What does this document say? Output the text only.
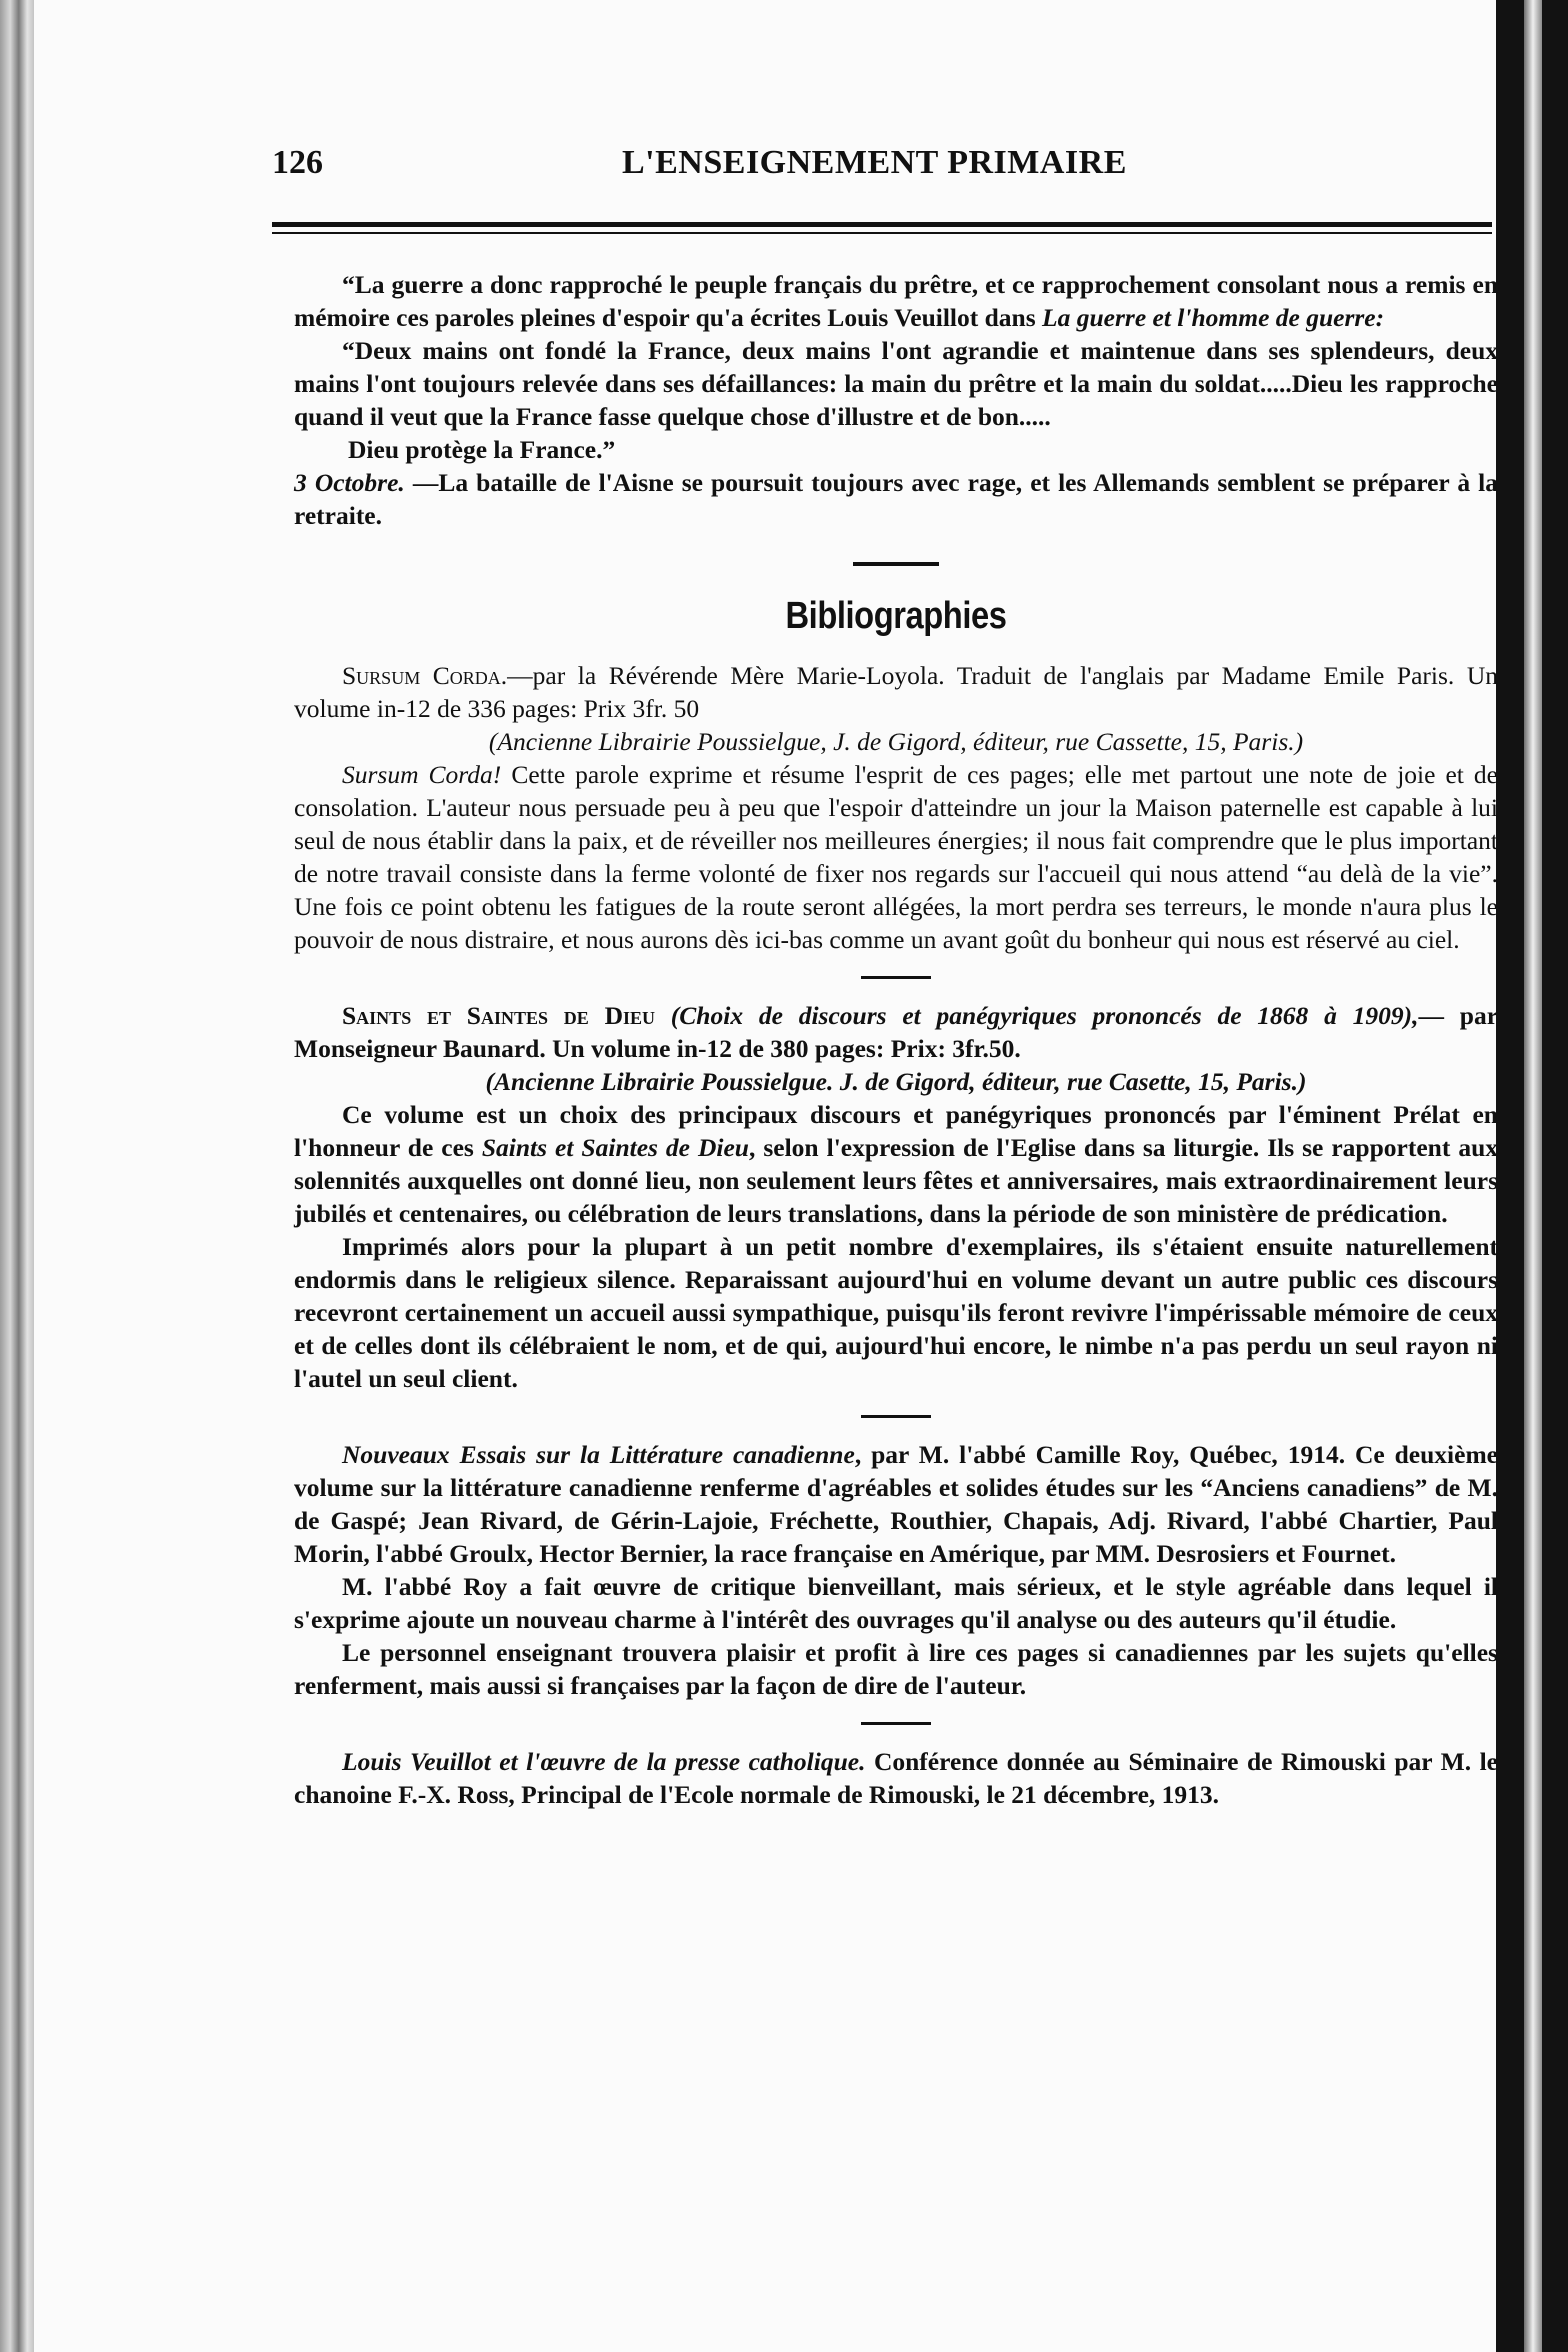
126	L'ENSEIGNEMENT PRIMAIRE

“La guerre a donc rapproché le peuple français du prêtre, et ce rapprochement consolant nous a remis en mémoire ces paroles pleines d'espoir qu'a écrites Louis Veuillot dans La guerre et l'homme de guerre:

“Deux mains ont fondé la France, deux mains l'ont agrandie et maintenue dans ses splendeurs, deux mains l'ont toujours relevée dans ses défaillances: la main du prêtre et la main du soldat.....Dieu les rapproche quand il veut que la France fasse quelque chose d'illustre et de bon.....

Dieu protège la France.”

3 Octobre. —La bataille de l'Aisne se poursuit toujours avec rage, et les Allemands semblent se préparer à la retraite.

Bibliographies

Sursum Corda.—par la Révérende Mère Marie-Loyola. Traduit de l'anglais par Madame Emile Paris. Un volume in-12 de 336 pages: Prix 3fr. 50

(Ancienne Librairie Poussielgue, J. de Gigord, éditeur, rue Cassette, 15, Paris.)

Sursum Corda! Cette parole exprime et résume l'esprit de ces pages; elle met partout une note de joie et de consolation. L'auteur nous persuade peu à peu que l'espoir d'atteindre un jour la Maison paternelle est capable à lui seul de nous établir dans la paix, et de réveiller nos meilleures énergies; il nous fait comprendre que le plus important de notre travail consiste dans la ferme volonté de fixer nos regards sur l'accueil qui nous attend “au delà de la vie”. Une fois ce point obtenu les fatigues de la route seront allégées, la mort perdra ses terreurs, le monde n'aura plus le pouvoir de nous distraire, et nous aurons dès ici-bas comme un avant goût du bonheur qui nous est réservé au ciel.

Saints et Saintes de Dieu (Choix de discours et panégyriques prononcés de 1868 à 1909),— par Monseigneur Baunard. Un volume in-12 de 380 pages: Prix: 3fr.50.

(Ancienne Librairie Poussielgue. J. de Gigord, éditeur, rue Casette, 15, Paris.)

Ce volume est un choix des principaux discours et panégyriques prononcés par l'éminent Prélat en l'honneur de ces Saints et Saintes de Dieu, selon l'expression de l'Eglise dans sa liturgie. Ils se rapportent aux solennités auxquelles ont donné lieu, non seulement leurs fêtes et anniversaires, mais extraordinairement leurs jubilés et centenaires, ou célébration de leurs translations, dans la période de son ministère de prédication.

Imprimés alors pour la plupart à un petit nombre d'exemplaires, ils s'étaient ensuite naturellement endormis dans le religieux silence. Reparaissant aujourd'hui en volume devant un autre public ces discours recevront certainement un accueil aussi sympathique, puisqu'ils feront revivre l'impérissable mémoire de ceux et de celles dont ils célébraient le nom, et de qui, aujourd'hui encore, le nimbe n'a pas perdu un seul rayon ni l'autel un seul client.

Nouveaux Essais sur la Littérature canadienne, par M. l'abbé Camille Roy, Québec, 1914. Ce deuxième volume sur la littérature canadienne renferme d'agréables et solides études sur les “Anciens canadiens” de M. de Gaspé; Jean Rivard, de Gérin-Lajoie, Fréchette, Routhier, Chapais, Adj. Rivard, l'abbé Chartier, Paul Morin, l'abbé Groulx, Hector Bernier, la race française en Amérique, par MM. Desrosiers et Fournet.

M. l'abbé Roy a fait œuvre de critique bienveillant, mais sérieux, et le style agréable dans lequel il s'exprime ajoute un nouveau charme à l'intérêt des ouvrages qu'il analyse ou des auteurs qu'il étudie.

Le personnel enseignant trouvera plaisir et profit à lire ces pages si canadiennes par les sujets qu'elles renferment, mais aussi si françaises par la façon de dire de l'auteur.

Louis Veuillot et l'œuvre de la presse catholique. Conférence donnée au Séminaire de Rimouski par M. le chanoine F.-X. Ross, Principal de l'Ecole normale de Rimouski, le 21 décembre, 1913.
